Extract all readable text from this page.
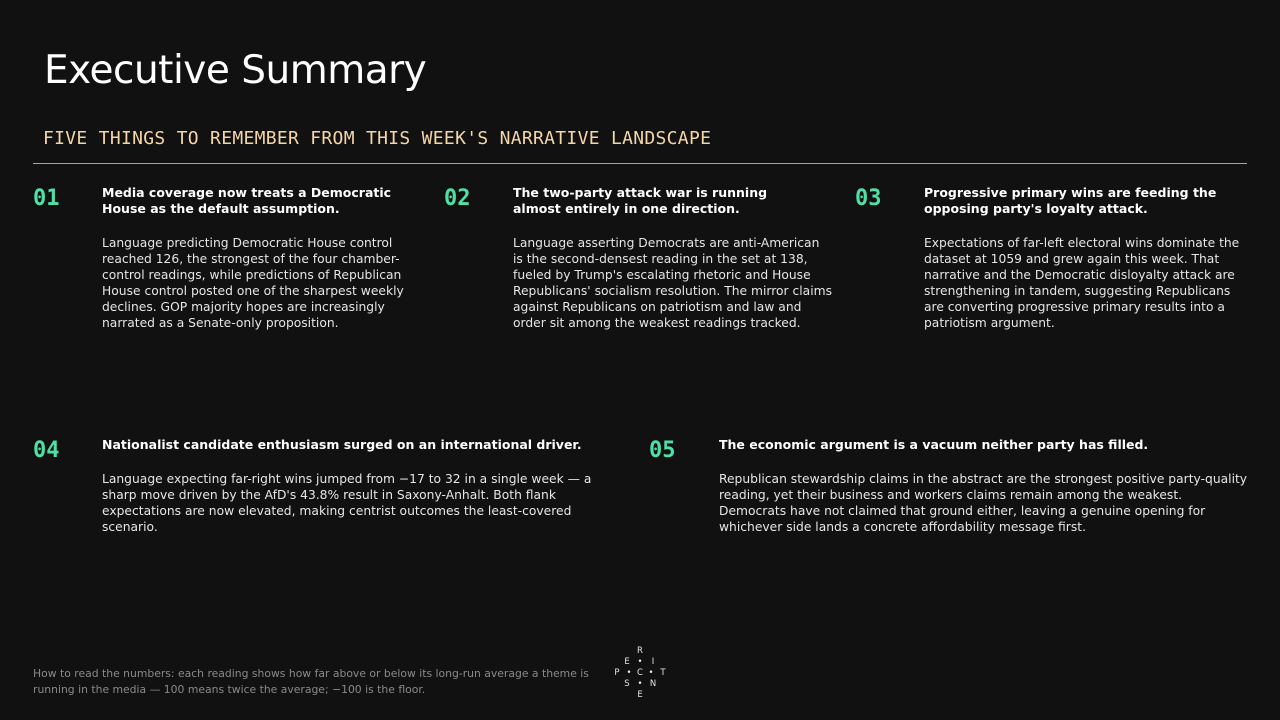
Executive Summary
FIVE THINGS TO REMEMBER FROM THIS WEEK'S NARRATIVE LANDSCAPE
01	Media coverage now treats a Democratic House as the default assumption.
Language predicting Democratic House control reached 126, the strongest of the four chamber-control readings, while predictions of Republican House control posted one of the sharpest weekly declines. GOP majority hopes are increasingly narrated as a Senate-only proposition.
02	The two-party attack war is running almost entirely in one direction.
Language asserting Democrats are anti-American is the second-densest reading in the set at 138, fueled by Trump's escalating rhetoric and House Republicans' socialism resolution. The mirror claims against Republicans on patriotism and law and order sit among the weakest readings tracked.
03	Progressive primary wins are feeding the opposing party's loyalty attack.
Expectations of far-left electoral wins dominate the dataset at 1059 and grew again this week. That narrative and the Democratic disloyalty attack are strengthening in tandem, suggesting Republicans are converting progressive primary results into a patriotism argument.
04	Nationalist candidate enthusiasm surged on an international driver.
Language expecting far-right wins jumped from −17 to 32 in a single week — a sharp move driven by the AfD's 43.8% result in Saxony-Anhalt. Both flank expectations are now elevated, making centrist outcomes the least-covered scenario.
05	The economic argument is a vacuum neither party has filled.
Republican stewardship claims in the abstract are the strongest positive party-quality reading, yet their business and workers claims remain among the weakest. Democrats have not claimed that ground either, leaving a genuine opening for whichever side lands a concrete affordability message first.
How to read the numbers: each reading shows how far above or below its long-run average a theme is running in the media — 100 means twice the average; −100 is the floor.
R
E •	I
P • C • T
S • N
E
